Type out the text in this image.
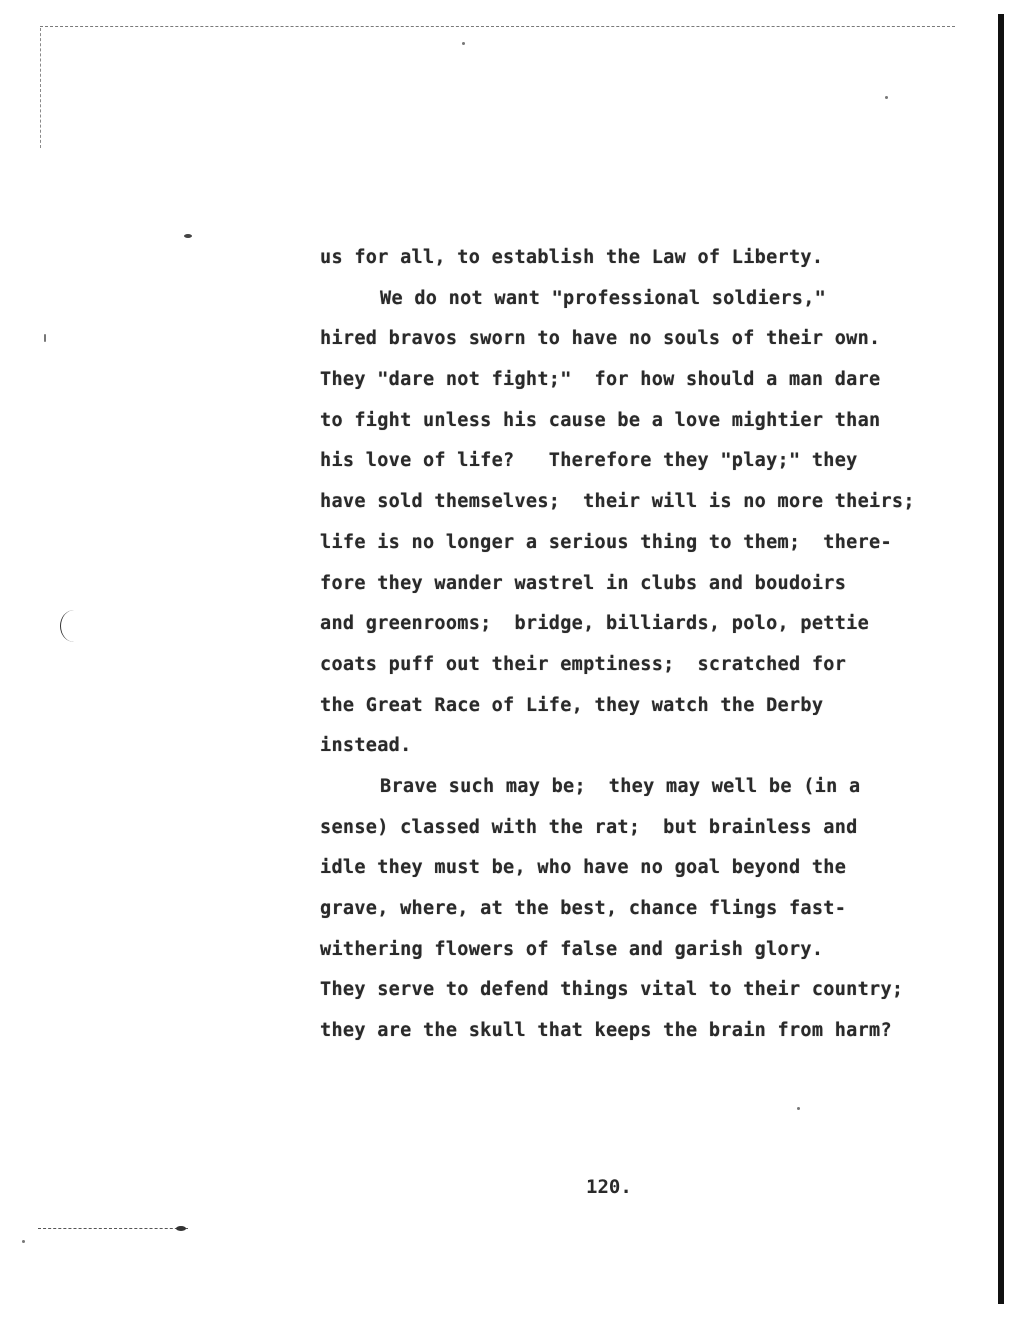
us for all, to establish the Law of Liberty.
We do not want "professional soldiers,"
hired bravos sworn to have no souls of their own.
They "dare not fight;"  for how should a man dare
to fight unless his cause be a love mightier than
his love of life?   Therefore they "play;" they
have sold themselves;  their will is no more theirs;
life is no longer a serious thing to them;  there-
fore they wander wastrel in clubs and boudoirs
and greenrooms;  bridge, billiards, polo, pettie
coats puff out their emptiness;  scratched for
the Great Race of Life, they watch the Derby
instead.
Brave such may be;  they may well be (in a
sense) classed with the rat;  but brainless and
idle they must be, who have no goal beyond the
grave, where, at the best, chance flings fast-
withering flowers of false and garish glory.
They serve to defend things vital to their country;
they are the skull that keeps the brain from harm?
120.
